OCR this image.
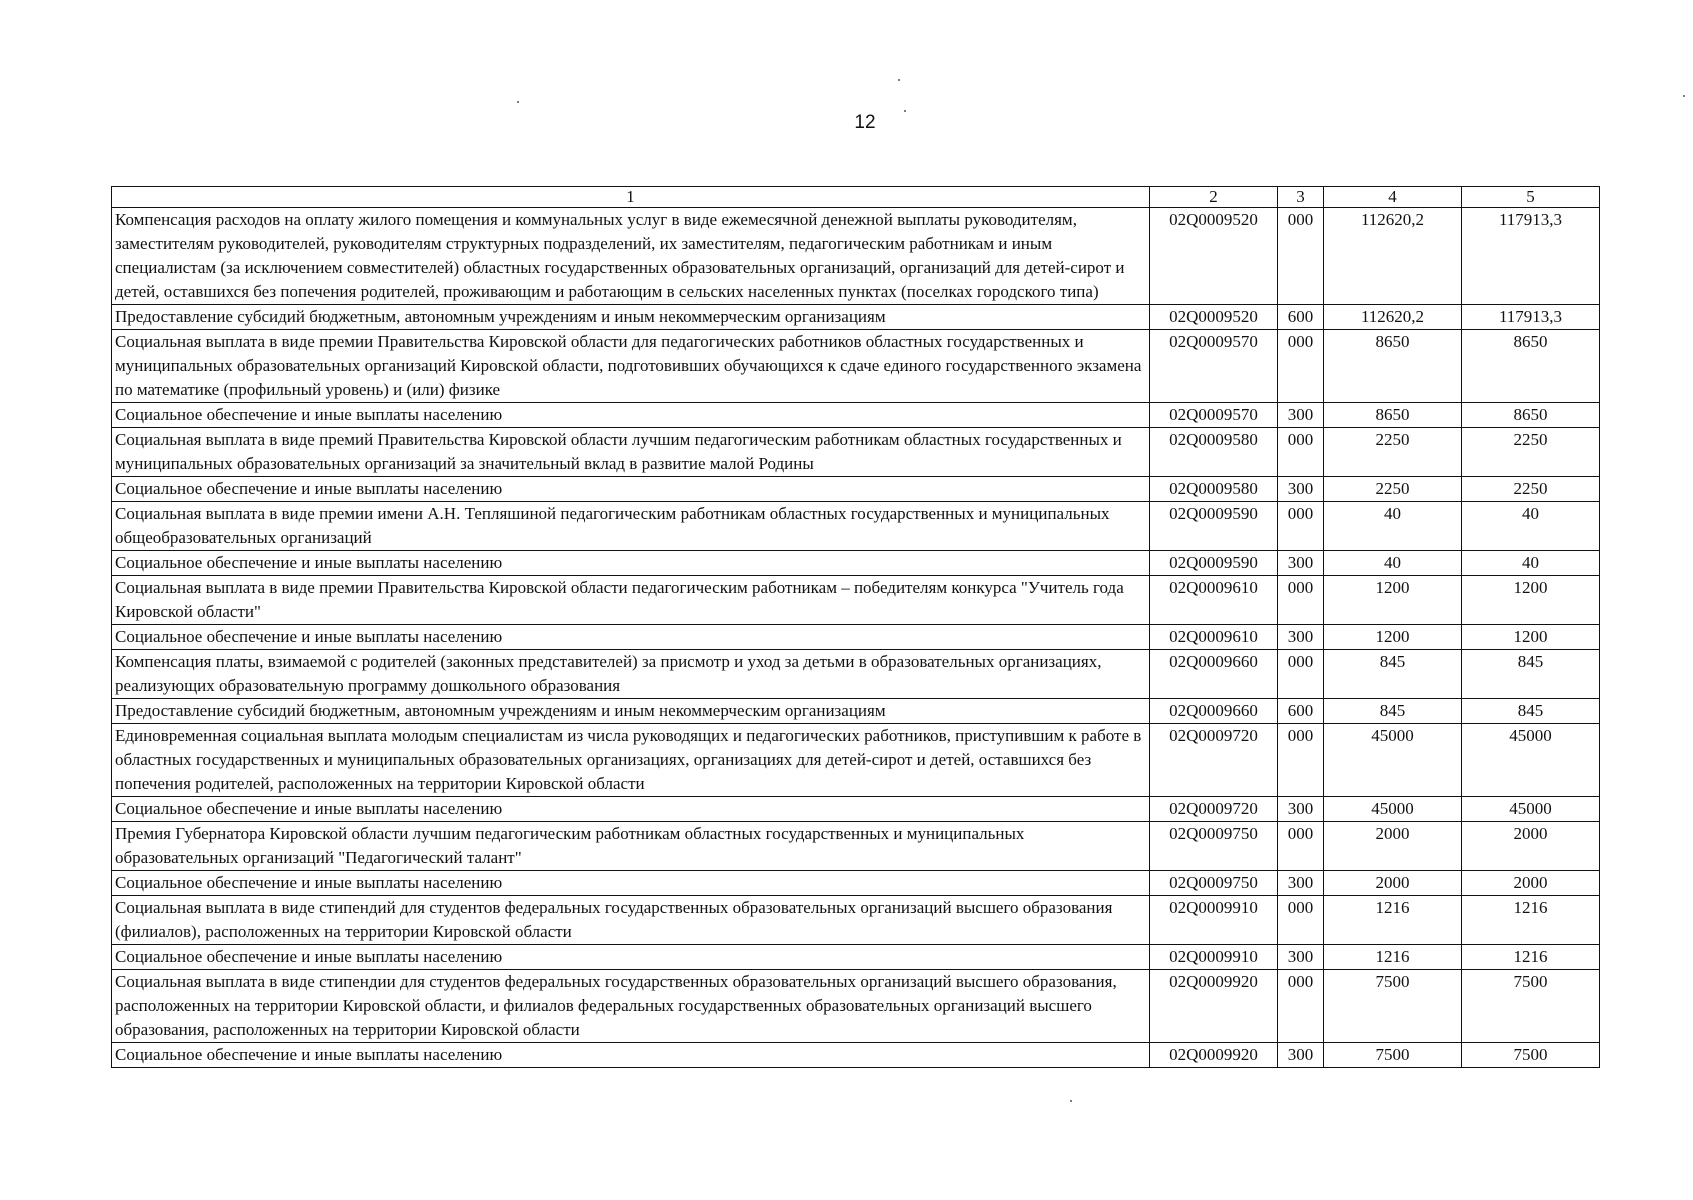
12
1	2	3	4	5
Компенсация расходов на оплату жилого помещения и коммунальных услуг в виде ежемесячной денежной выплаты руководителям, заместителям руководителей, руководителям структурных подразделений, их заместителям, педагогическим работникам и иным специалистам (за исключением совместителей) областных государственных образовательных организаций, организаций для детей-сирот и детей, оставшихся без попечения родителей, проживающим и работающим в сельских населенных пунктах (поселках городского типа)	02Q0009520	000	112620,2	117913,3
Предоставление субсидий бюджетным, автономным учреждениям и иным некоммерческим организациям	02Q0009520	600	112620,2	117913,3
Социальная выплата в виде премии Правительства Кировской области для педагогических работников областных государственных и муниципальных образовательных организаций Кировской области, подготовивших обучающихся к сдаче единого государственного экзамена по математике (профильный уровень) и (или) физике	02Q0009570	000	8650	8650
Социальное обеспечение и иные выплаты населению	02Q0009570	300	8650	8650
Социальная выплата в виде премий Правительства Кировской области лучшим педагогическим работникам областных государственных и муниципальных образовательных организаций за значительный вклад в развитие малой Родины	02Q0009580	000	2250	2250
Социальное обеспечение и иные выплаты населению	02Q0009580	300	2250	2250
Социальная выплата в виде премии имени А.Н. Тепляшиной педагогическим работникам областных государственных и муниципальных общеобразовательных организаций	02Q0009590	000	40	40
Социальное обеспечение и иные выплаты населению	02Q0009590	300	40	40
Социальная выплата в виде премии Правительства Кировской области педагогическим работникам – победителям конкурса "Учитель года Кировской области"	02Q0009610	000	1200	1200
Социальное обеспечение и иные выплаты населению	02Q0009610	300	1200	1200
Компенсация платы, взимаемой с родителей (законных представителей) за присмотр и уход за детьми в образовательных организациях, реализующих образовательную программу дошкольного образования	02Q0009660	000	845	845
Предоставление субсидий бюджетным, автономным учреждениям и иным некоммерческим организациям	02Q0009660	600	845	845
Единовременная социальная выплата молодым специалистам из числа руководящих и педагогических работников, приступившим к работе в областных государственных и муниципальных образовательных организациях, организациях для детей-сирот и детей, оставшихся без попечения родителей, расположенных на территории Кировской области	02Q0009720	000	45000	45000
Социальное обеспечение и иные выплаты населению	02Q0009720	300	45000	45000
Премия Губернатора Кировской области лучшим педагогическим работникам областных государственных и муниципальных образовательных организаций "Педагогический талант"	02Q0009750	000	2000	2000
Социальное обеспечение и иные выплаты населению	02Q0009750	300	2000	2000
Социальная выплата в виде стипендий для студентов федеральных государственных образовательных организаций высшего образования (филиалов), расположенных на территории Кировской области	02Q0009910	000	1216	1216
Социальное обеспечение и иные выплаты населению	02Q0009910	300	1216	1216
Социальная выплата в виде стипендии для студентов федеральных государственных образовательных организаций высшего образования, расположенных на территории Кировской области, и филиалов федеральных государственных образовательных организаций высшего образования, расположенных на территории Кировской области	02Q0009920	000	7500	7500
Социальное обеспечение и иные выплаты населению	02Q0009920	300	7500	7500
